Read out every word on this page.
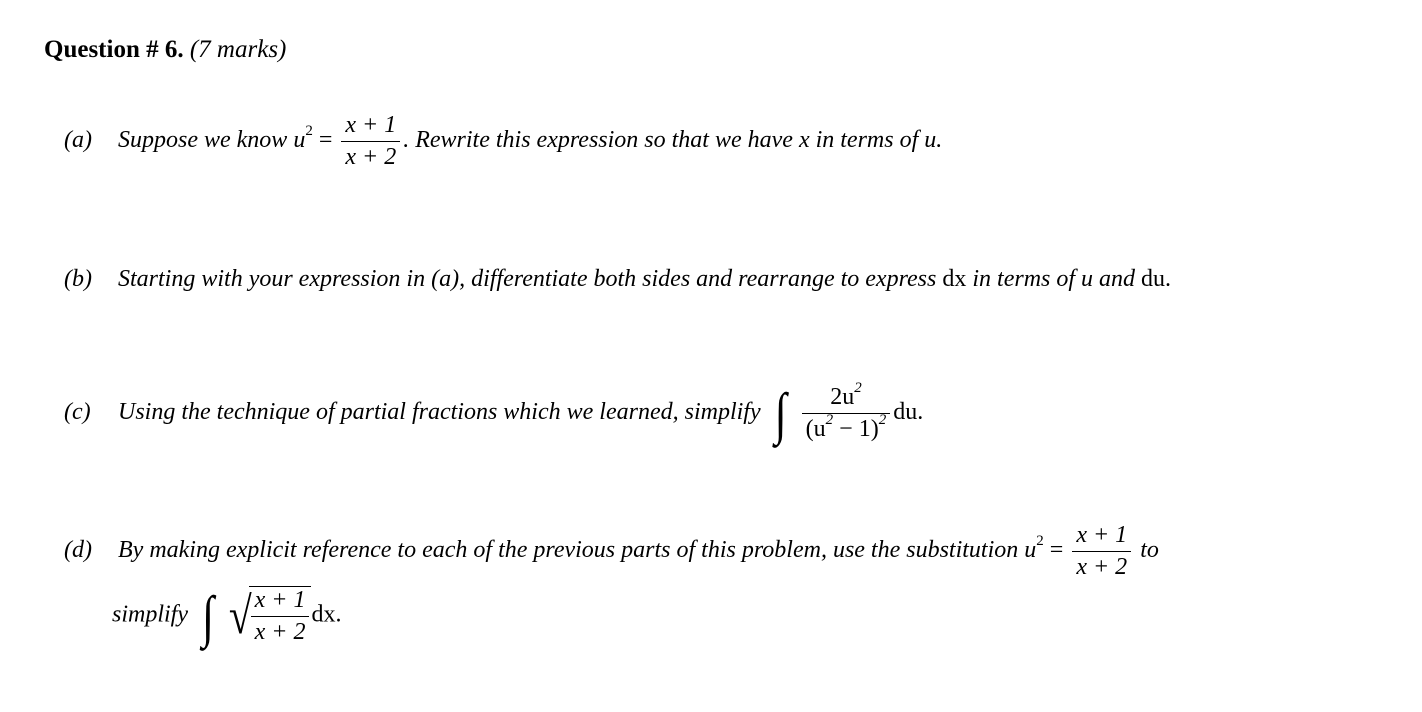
Question # 6. (7 marks)
(a) Suppose we know $u^2 = \frac{x + 1}{x + 2}$ . Rewrite this expression so that we have x in terms of u.
(b) Starting with your expression in (a), differentiate both sides and rearrange to express dx in terms of u and du.
(c) Using the technique of partial fractions which we learned, simplify ∫ $\frac{2u^2}{(u^2 - 1)^2}$ du.
(d) By making explicit reference to each of the previous parts of this problem, use the substitution $u^2 = \frac{x + 1}{x + 2}$ to
simplify ∫ √
$\frac{x + 1}{x + 2}$ dx.
